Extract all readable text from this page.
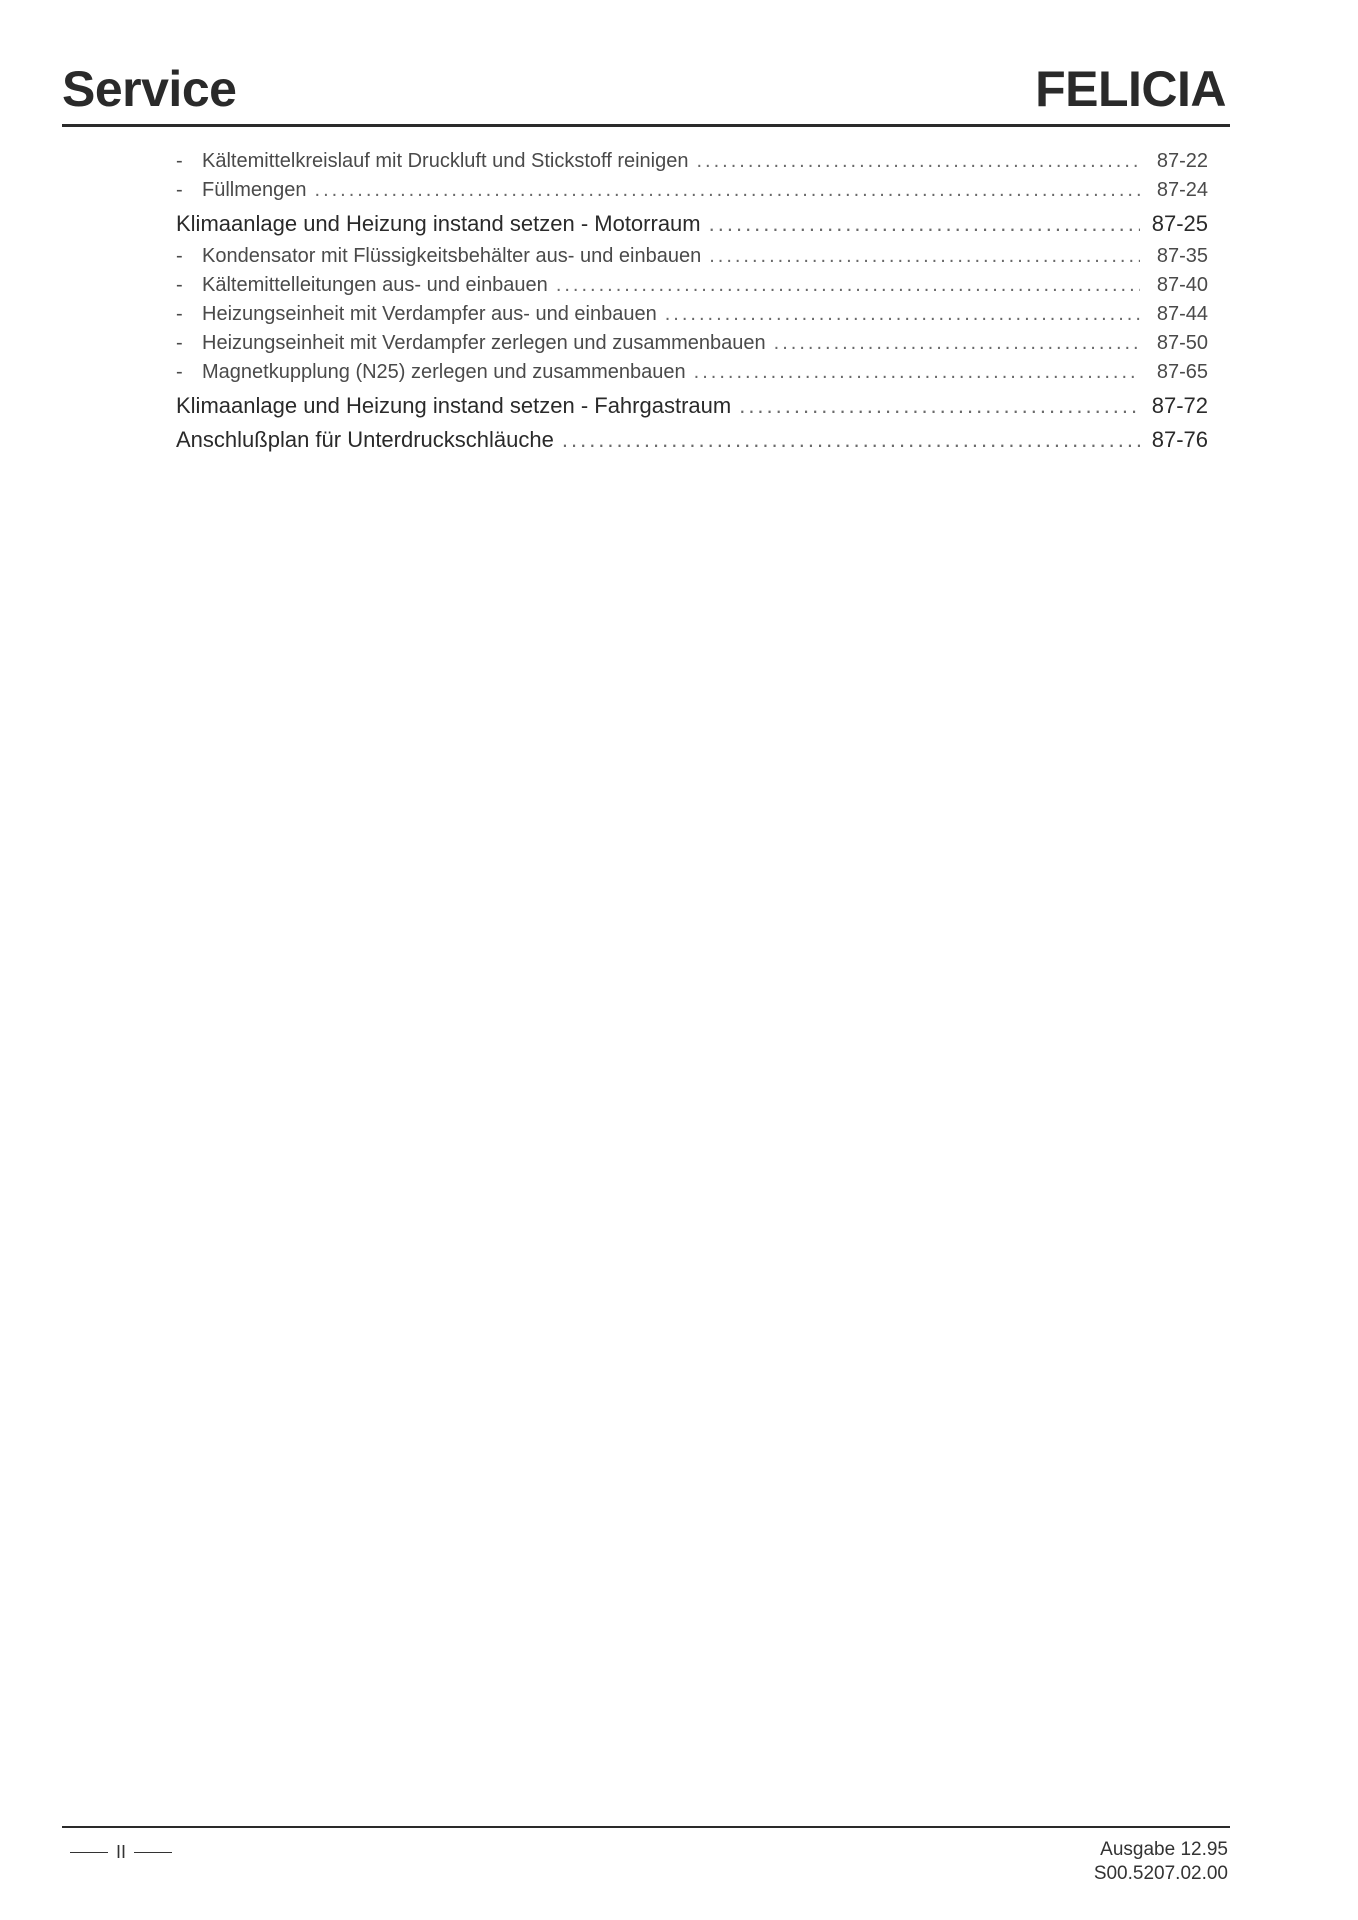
Service	FELICIA
- Kältemittelkreislauf mit Druckluft und Stickstoff reinigen .....	87-22
- Füllmengen .....	87-24
Klimaanlage und Heizung instand setzen - Motorraum .....	87-25
- Kondensator mit Flüssigkeitsbehälter aus- und einbauen .....	87-35
- Kältemittelleitungen aus- und einbauen .....	87-40
- Heizungseinheit mit Verdampfer aus- und einbauen .....	87-44
- Heizungseinheit mit Verdampfer zerlegen und zusammenbauen .....	87-50
- Magnetkupplung (N25) zerlegen und zusammenbauen .....	87-65
Klimaanlage und Heizung instand setzen - Fahrgastraum .....	87-72
Anschlußplan für Unterdruckschläuche .....	87-76
II	Ausgabe 12.95
S00.5207.02.00
